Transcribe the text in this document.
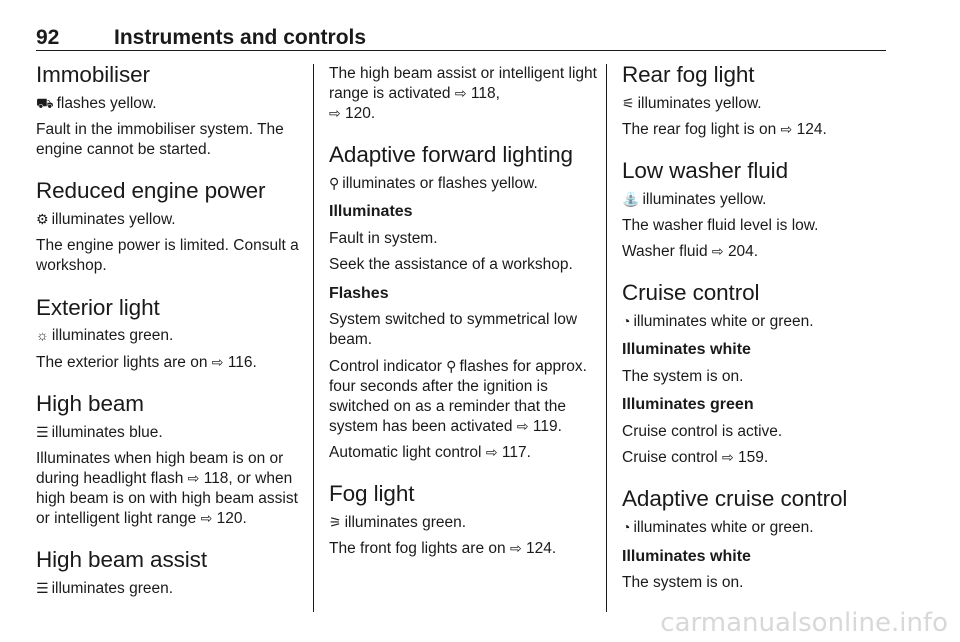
92	Instruments and controls
Immobiliser

⛟ flashes yellow.

Fault in the immobiliser system. The engine cannot be started.

Reduced engine power

⚙ illuminates yellow.

The engine power is limited. Consult a workshop.

Exterior light

☼ illuminates green.

The exterior lights are on ⇨ 116.

High beam

☰ illuminates blue.

Illuminates when high beam is on or during headlight flash ⇨ 118, or when high beam is on with high beam assist or intelligent light range ⇨ 120.

High beam assist

☰ illuminates green.

The high beam assist or intelligent light range is activated ⇨ 118,
⇨ 120.

Adaptive forward lighting

⚲ illuminates or flashes yellow.

Illuminates

Fault in system.

Seek the assistance of a workshop.

Flashes

System switched to symmetrical low beam.

Control indicator ⚲ flashes for approx. four seconds after the ignition is switched on as a reminder that the system has been activated ⇨ 119.

Automatic light control ⇨ 117.

Fog light

⚞ illuminates green.

The front fog lights are on ⇨ 124.

Rear fog light

⚟ illuminates yellow.

The rear fog light is on ⇨ 124.

Low washer fluid

⛲ illuminates yellow.

The washer fluid level is low.

Washer fluid ⇨ 204.

Cruise control

◔ illuminates white or green.

Illuminates white

The system is on.

Illuminates green

Cruise control is active.

Cruise control ⇨ 159.

Adaptive cruise control

◔ illuminates white or green.

Illuminates white

The system is on.

carmanualsonline.info
